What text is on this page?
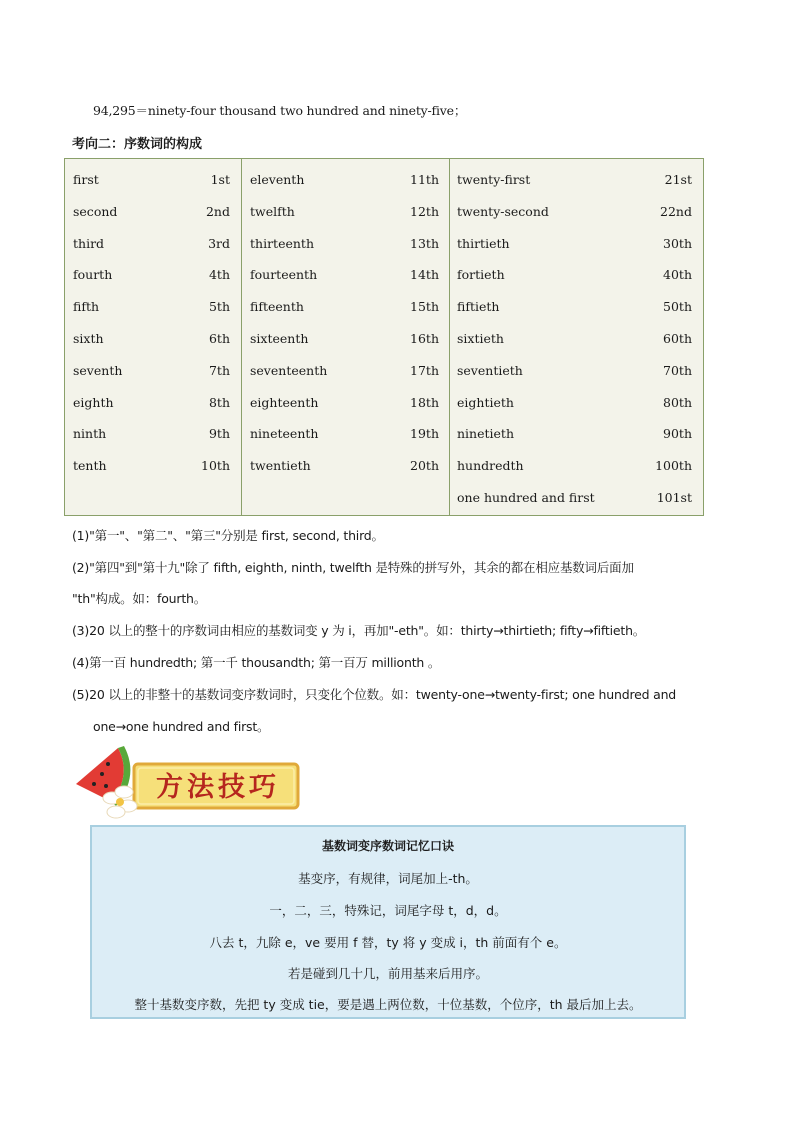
94,295＝ninety-four thousand two hundred and ninety-five；
考向二：序数词的构成
first	1st
second	2nd
third	3rd
fourth	4th
fifth	5th
sixth	6th
seventh	7th
eighth	8th
ninth	9th
tenth	10th
eleventh	11th
twelfth	12th
thirteenth	13th
fourteenth	14th
fifteenth	15th
sixteenth	16th
seventeenth	17th
eighteenth	18th
nineteenth	19th
twentieth	20th
twenty-first	21st
twenty-second	22nd
thirtieth	30th
fortieth	40th
fiftieth	50th
sixtieth	60th
seventieth	70th
eightieth	80th
ninetieth	90th
hundredth	100th
one hundred and first	101st
(1)"第一"、"第二"、"第三"分别是 first, second, third。
(2)"第四"到"第十九"除了 fifth, eighth, ninth, twelfth 是特殊的拼写外，其余的都在相应基数词后面加
"th"构成。如：fourth。
(3)20 以上的整十的序数词由相应的基数词变 y 为 i，再加"-eth"。如：thirty→thirtieth; fifty→fiftieth。
(4)第一百 hundredth; 第一千 thousandth; 第一百万 millionth 。
(5)20 以上的非整十的基数词变序数词时，只变化个位数。如：twenty-one→twenty-first; one hundred and
one→one hundred and first。
方法技巧
基数词变序数词记忆口诀
基变序，有规律，词尾加上-th。
一，二，三，特殊记，词尾字母 t，d，d。
八去 t，九除 e，ve 要用 f 替，ty 将 y 变成 i，th 前面有个 e。
若是碰到几十几，前用基来后用序。
整十基数变序数，先把 ty 变成 tie，要是遇上两位数，十位基数，个位序，th 最后加上去。
